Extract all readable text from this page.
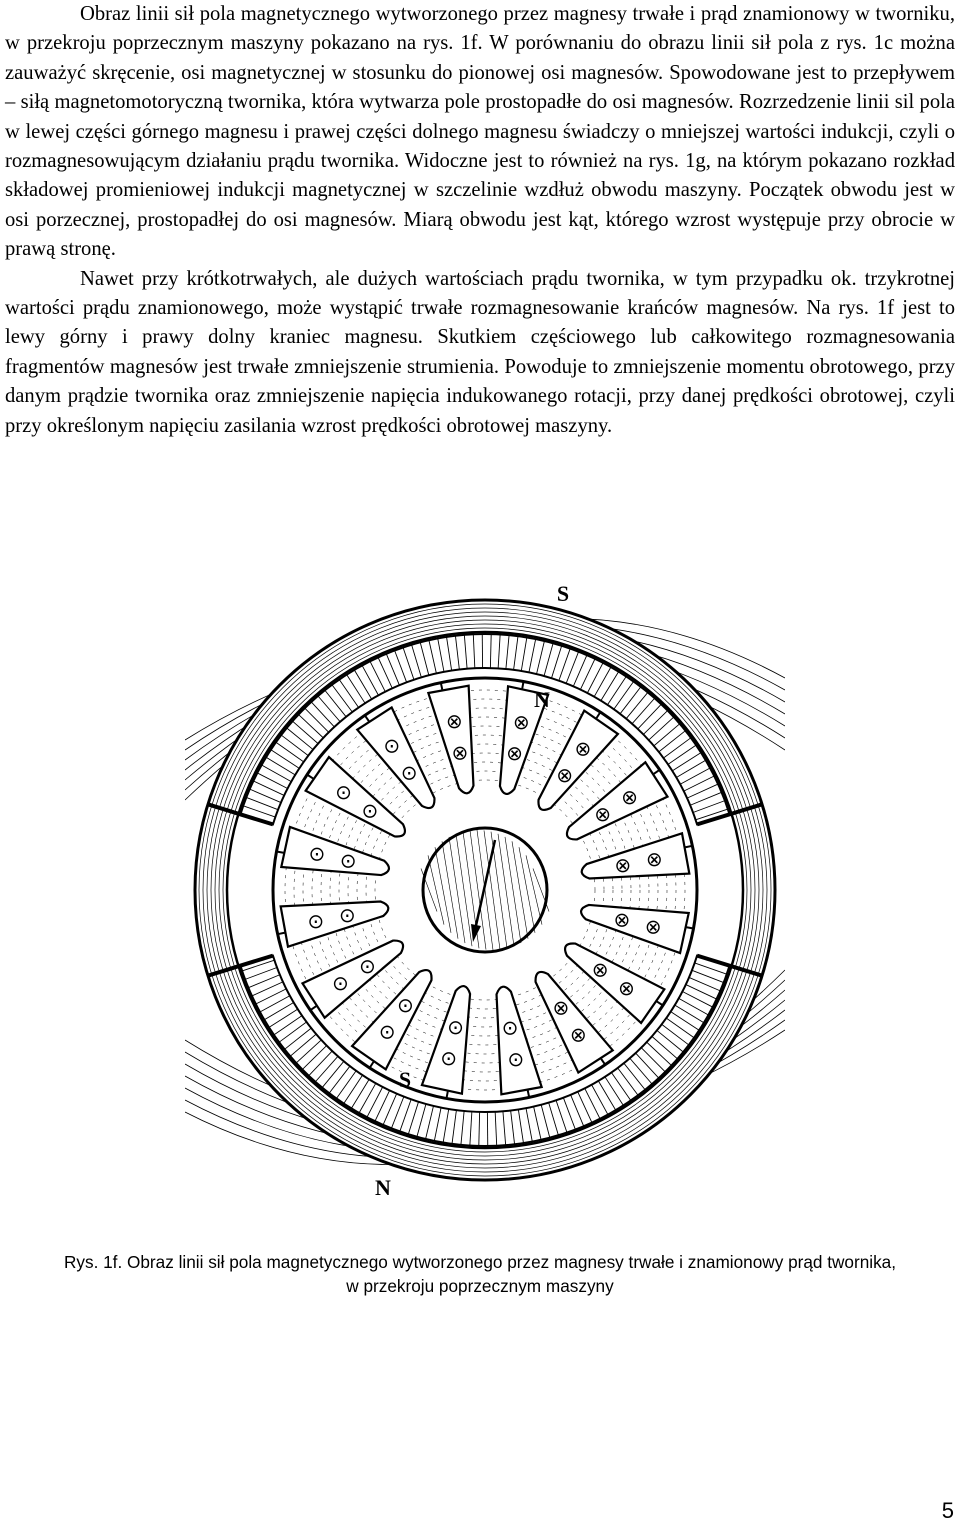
Obraz linii sił pola magnetycznego wytworzonego przez magnesy trwałe i prąd znamionowy w tworniku, w przekroju poprzecznym maszyny pokazano na rys. 1f. W porównaniu do obrazu linii sił pola z rys. 1c można zauważyć skręcenie, osi magnetycznej w stosunku do pionowej osi magnesów. Spowodowane jest to przepływem – siłą magnetomotoryczną twornika, która wytwarza pole prostopadłe do osi magnesów. Rozrzedzenie linii sil pola w lewej części górnego magnesu i prawej części dolnego magnesu świadczy o mniejszej wartości indukcji, czyli o rozmagnesowującym działaniu prądu twornika. Widoczne jest to również na rys. 1g, na którym pokazano rozkład składowej promieniowej indukcji magnetycznej w szczelinie wzdłuż obwodu maszyny. Początek obwodu jest w osi porzecznej, prostopadłej do osi magnesów. Miarą obwodu jest kąt, którego wzrost występuje przy obrocie w prawą stronę.

Nawet przy krótkotrwałych, ale dużych wartościach prądu twornika, w tym przypadku ok. trzykrotnej wartości prądu znamionowego, może wystąpić trwałe rozmagnesowanie krańców magnesów. Na rys. 1f jest to lewy górny i prawy dolny kraniec magnesu. Skutkiem częściowego lub całkowitego rozmagnesowania fragmentów magnesów jest trwałe zmniejszenie strumienia. Powoduje to zmniejszenie momentu obrotowego, przy danym prądzie twornika oraz zmniejszenie napięcia indukowanego rotacji, przy danej prędkości obrotowej, czyli przy określonym napięciu zasilania wzrost prędkości obrotowej maszyny.

⊗
⊗
⊗
⊗	⊗
⊗
⊗
⊗
⊗
⊗
⊗
⊗
⊗
⊗
⊗
⊗
⊙
⊙
⊙
⊙
⊙
⊙
⊙
⊙
⊙ ⊙
⊙ ⊙
⊙
⊙
⊙
⊙
S
N
S
N
Rys. 1f. Obraz linii sił pola magnetycznego wytworzonego przez magnesy trwałe i znamionowy prąd twornika,
w przekroju poprzecznym maszyny
5
